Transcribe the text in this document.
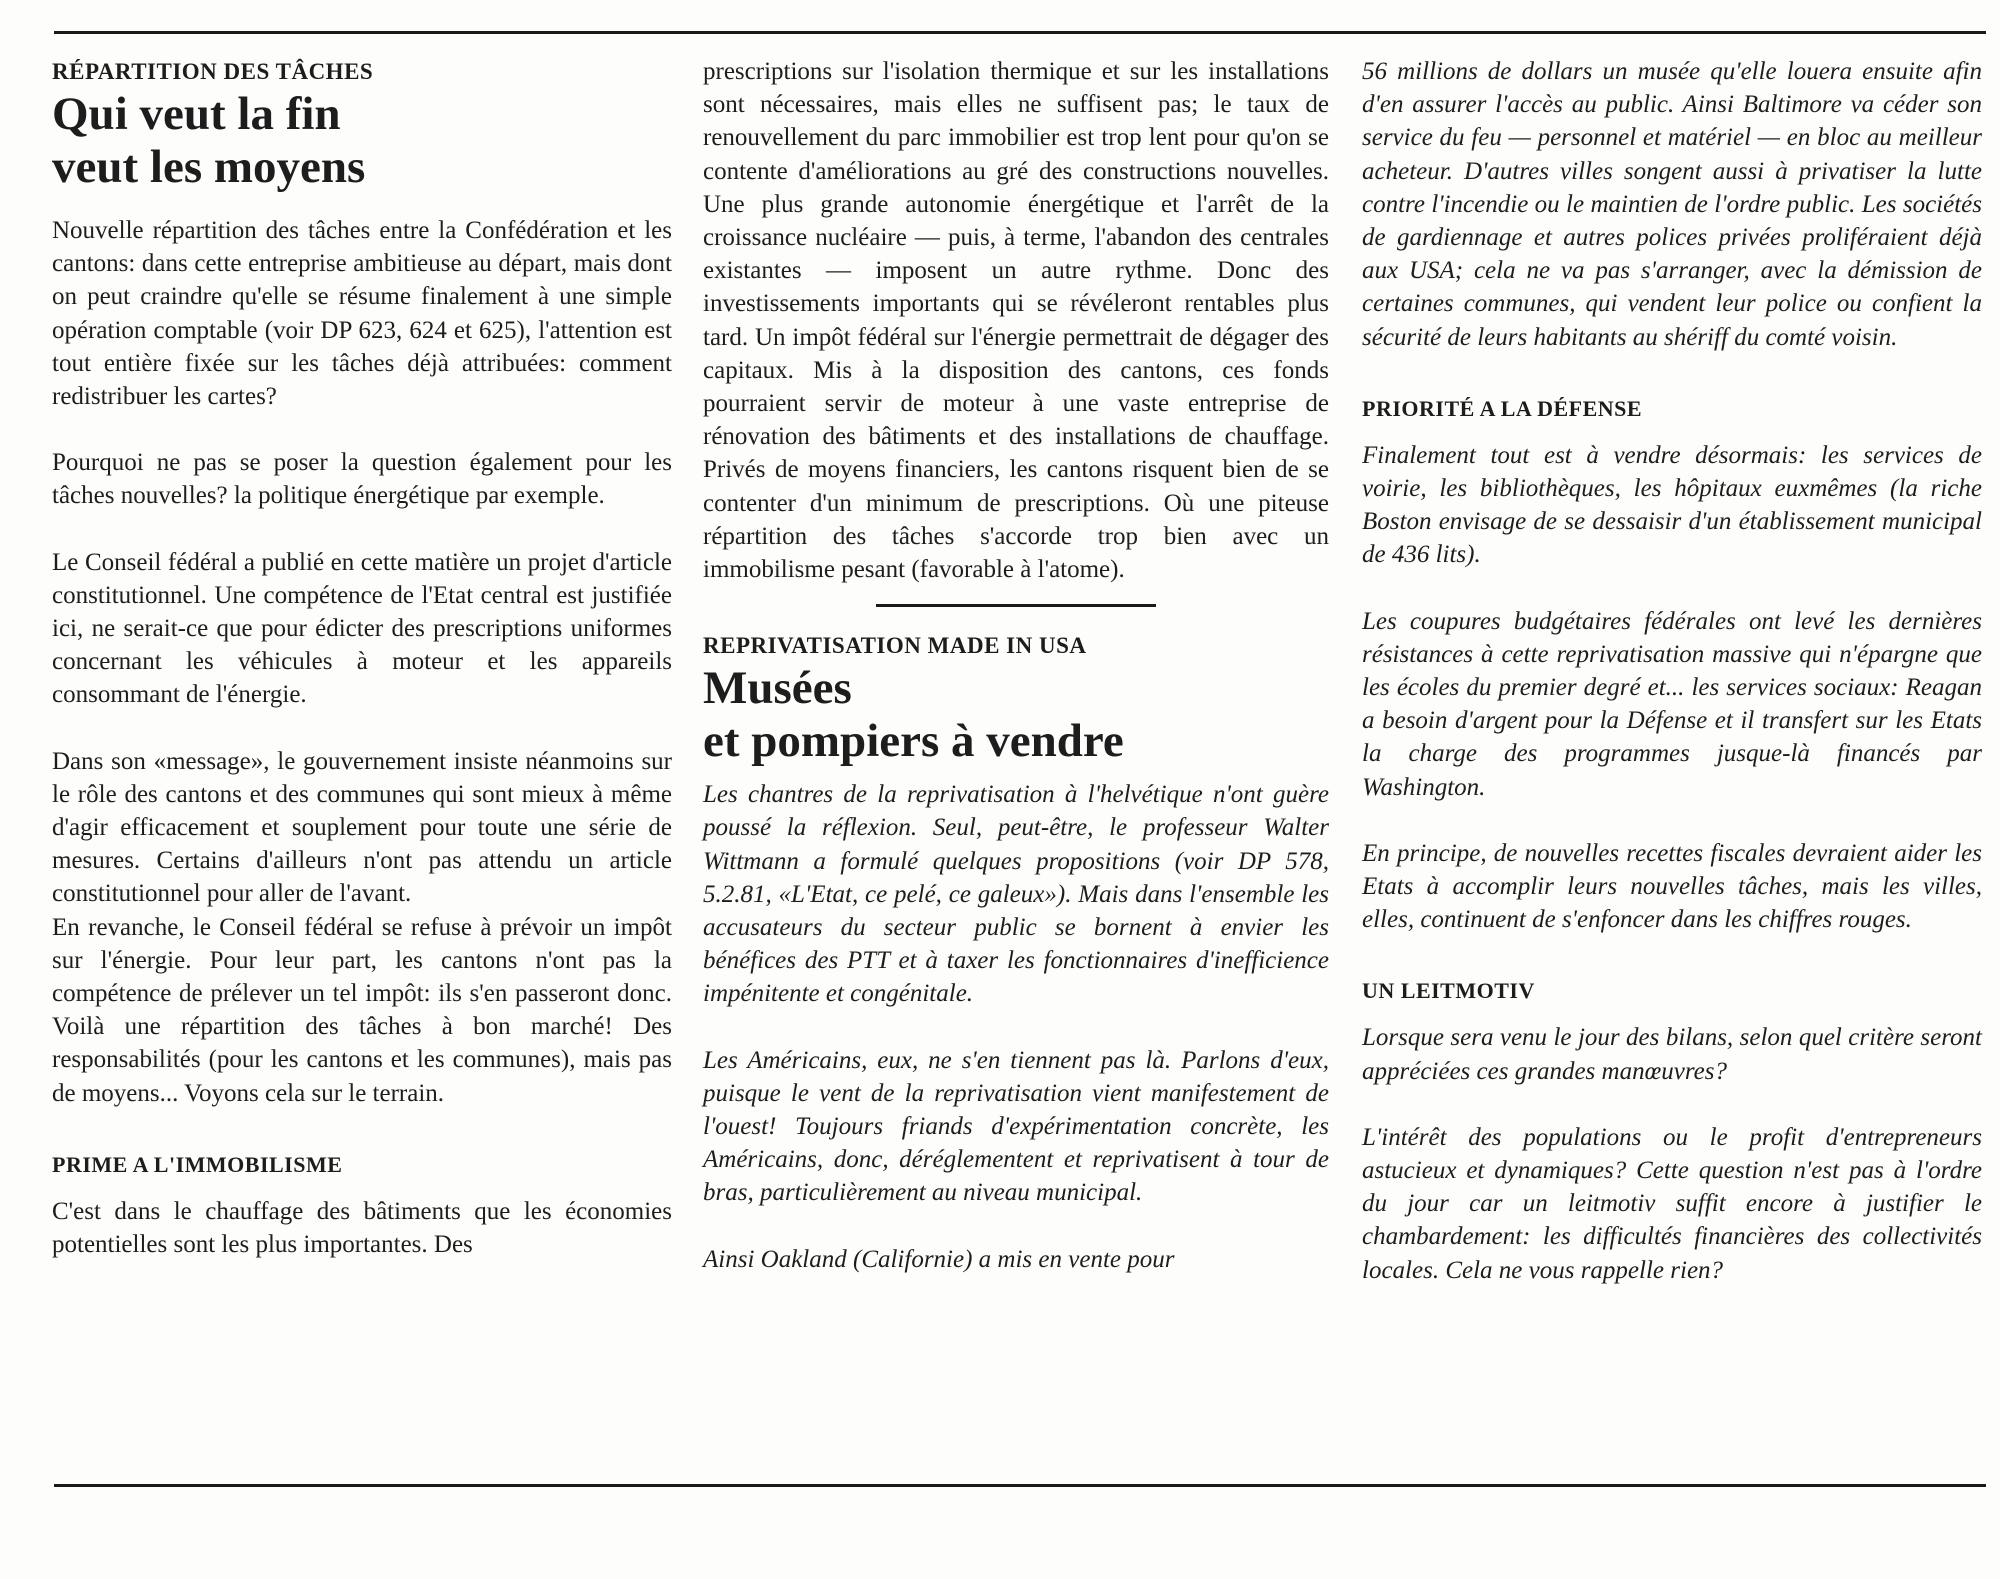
RÉPARTITION DES TÂCHES
Qui veut la fin
veut les moyens

Nouvelle répartition des tâches entre la Confédération et les cantons: dans cette entreprise ambitieuse au départ, mais dont on peut craindre qu'elle se résume finalement à une simple opération comptable (voir DP 623, 624 et 625), l'attention est tout entière fixée sur les tâches déjà attribuées: comment redistribuer les cartes?

Pourquoi ne pas se poser la question également pour les tâches nouvelles? la politique énergétique par exemple.

Le Conseil fédéral a publié en cette matière un projet d'article constitutionnel. Une compétence de l'Etat central est justifiée ici, ne serait-ce que pour édicter des prescriptions uniformes concernant les véhicules à moteur et les appareils consommant de l'énergie.

Dans son «message», le gouvernement insiste néanmoins sur le rôle des cantons et des communes qui sont mieux à même d'agir efficacement et souplement pour toute une série de mesures. Certains d'ailleurs n'ont pas attendu un article constitutionnel pour aller de l'avant.

En revanche, le Conseil fédéral se refuse à prévoir un impôt sur l'énergie. Pour leur part, les cantons n'ont pas la compétence de prélever un tel impôt: ils s'en passeront donc. Voilà une répartition des tâches à bon marché! Des responsabilités (pour les cantons et les communes), mais pas de moyens... Voyons cela sur le terrain.

PRIME A L'IMMOBILISME

C'est dans le chauffage des bâtiments que les économies potentielles sont les plus importantes. Des

prescriptions sur l'isolation thermique et sur les installations sont nécessaires, mais elles ne suffisent pas; le taux de renouvellement du parc immobilier est trop lent pour qu'on se contente d'améliorations au gré des constructions nouvelles. Une plus grande autonomie énergétique et l'arrêt de la croissance nucléaire — puis, à terme, l'abandon des centrales existantes — imposent un autre rythme. Donc des investissements importants qui se révéleront rentables plus tard. Un impôt fédéral sur l'énergie permettrait de dégager des capitaux. Mis à la disposition des cantons, ces fonds pourraient servir de moteur à une vaste entreprise de rénovation des bâtiments et des installations de chauffage. Privés de moyens financiers, les cantons risquent bien de se contenter d'un minimum de prescriptions. Où une piteuse répartition des tâches s'accorde trop bien avec un immobilisme pesant (favorable à l'atome).

REPRIVATISATION MADE IN USA
Musées
et pompiers à vendre

Les chantres de la reprivatisation à l'helvétique n'ont guère poussé la réflexion. Seul, peut-être, le professeur Walter Wittmann a formulé quelques propositions (voir DP 578, 5.2.81, «L'Etat, ce pelé, ce galeux»). Mais dans l'ensemble les accusateurs du secteur public se bornent à envier les bénéfices des PTT et à taxer les fonctionnaires d'inefficience impénitente et congénitale.

Les Américains, eux, ne s'en tiennent pas là. Parlons d'eux, puisque le vent de la reprivatisation vient manifestement de l'ouest! Toujours friands d'expérimentation concrète, les Américains, donc, déréglementent et reprivatisent à tour de bras, particulièrement au niveau municipal.

Ainsi Oakland (Californie) a mis en vente pour

56 millions de dollars un musée qu'elle louera ensuite afin d'en assurer l'accès au public. Ainsi Baltimore va céder son service du feu — personnel et matériel — en bloc au meilleur acheteur. D'autres villes songent aussi à privatiser la lutte contre l'incendie ou le maintien de l'ordre public. Les sociétés de gardiennage et autres polices privées proliféraient déjà aux USA; cela ne va pas s'arranger, avec la démission de certaines communes, qui vendent leur police ou confient la sécurité de leurs habitants au shériff du comté voisin.

PRIORITÉ A LA DÉFENSE

Finalement tout est à vendre désormais: les services de voirie, les bibliothèques, les hôpitaux euxmêmes (la riche Boston envisage de se dessaisir d'un établissement municipal de 436 lits).

Les coupures budgétaires fédérales ont levé les dernières résistances à cette reprivatisation massive qui n'épargne que les écoles du premier degré et... les services sociaux: Reagan a besoin d'argent pour la Défense et il transfert sur les Etats la charge des programmes jusque-là financés par Washington.

En principe, de nouvelles recettes fiscales devraient aider les Etats à accomplir leurs nouvelles tâches, mais les villes, elles, continuent de s'enfoncer dans les chiffres rouges.

UN LEITMOTIV

Lorsque sera venu le jour des bilans, selon quel critère seront appréciées ces grandes manœuvres?

L'intérêt des populations ou le profit d'entrepreneurs astucieux et dynamiques? Cette question n'est pas à l'ordre du jour car un leitmotiv suffit encore à justifier le chambardement: les difficultés financières des collectivités locales. Cela ne vous rappelle rien?
